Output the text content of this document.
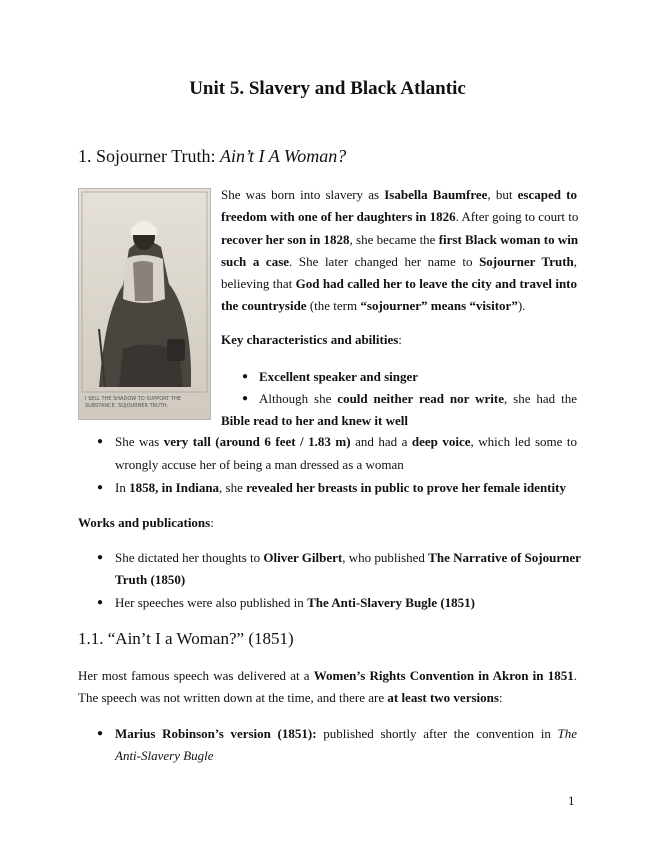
Unit 5. Slavery and Black Atlantic
1. Sojourner Truth: Ain’t I A Woman?
I SELL THE SHADOW TO SUPPORT THE SUBSTANCE. SOJOURNER TRUTH.
She was born into slavery as Isabella Baumfree, but escaped to
freedom with one of her daughters in 1826. After going to court to
recover her son in 1828, she became the first Black woman to win
such a case. She later changed her name to Sojourner Truth,
believing that God had called her to leave the city and travel into
the countryside (the term “sojourner” means “visitor”).
Key characteristics and abilities:
● Excellent speaker and singer
● Although she could neither read nor write, she had the
Bible read to her and knew it well
● She was very tall (around 6 feet / 1.83 m) and had a deep voice, which led some to
wrongly accuse her of being a man dressed as a woman
● In 1858, in Indiana, she revealed her breasts in public to prove her female identity
Works and publications:
● She dictated her thoughts to Oliver Gilbert, who published The Narrative of Sojourner
Truth (1850)
● Her speeches were also published in The Anti-Slavery Bugle (1851)
1.1. “Ain’t I a Woman?” (1851)
Her most famous speech was delivered at a Women’s Rights Convention in Akron in 1851.
The speech was not written down at the time, and there are at least two versions:
● Marius Robinson’s version (1851): published shortly after the convention in The
Anti-Slavery Bugle
1
